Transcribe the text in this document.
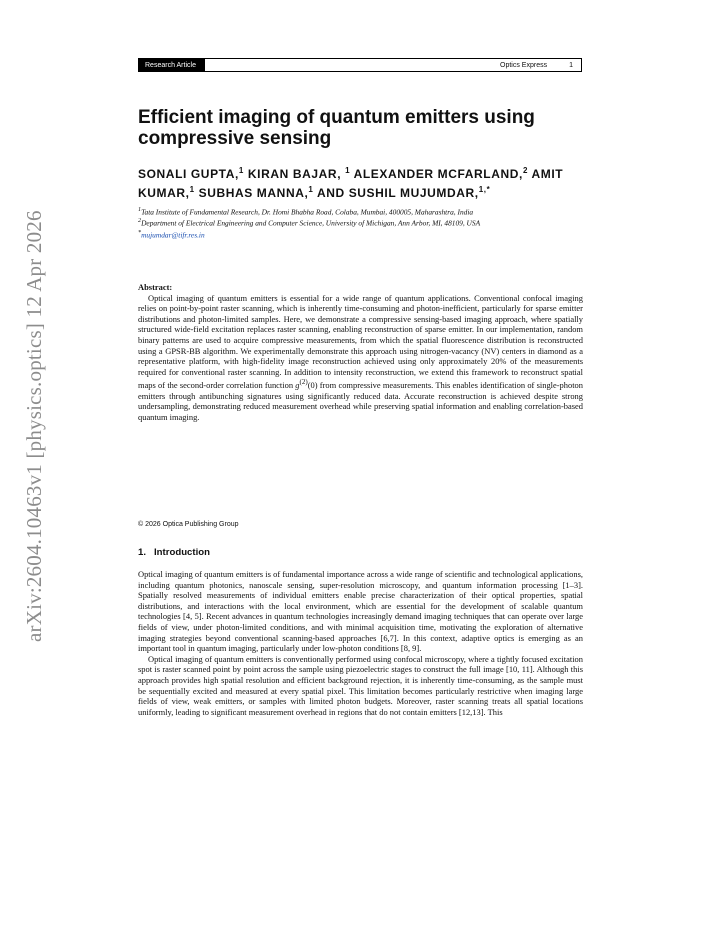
arXiv:2604.10463v1 [physics.optics] 12 Apr 2026
Research Article	Optics Express	1
Efficient imaging of quantum emitters using compressive sensing
SONALI GUPTA,$^1$ KIRAN BAJAR, $^1$ ALEXANDER MCFARLAND,$^2$ AMIT KUMAR,$^1$ SUBHAS MANNA,$^1$ AND SUSHIL MUJUMDAR,$^{1,*}$
$^1$Tata Institute of Fundamental Research, Dr. Homi Bhabha Road, Colaba, Mumbai, 400005, Maharashtra, India
$^2$Department of Electrical Engineering and Computer Science, University of Michigan, Ann Arbor, MI, 48109, USA
*mujumdar@tifr.res.in
Abstract:
Optical imaging of quantum emitters is essential for a wide range of quantum applications. Conventional confocal imaging relies on point-by-point raster scanning, which is inherently time-consuming and photon-inefficient, particularly for sparse emitter distributions and photon-limited samples. Here, we demonstrate a compressive sensing-based imaging approach, where spatially structured wide-field excitation replaces raster scanning, enabling reconstruction of sparse emitter. In our implementation, random binary patterns are used to acquire compressive measurements, from which the spatial fluorescence distribution is reconstructed using a GPSR-BB algorithm. We experimentally demonstrate this approach using nitrogen-vacancy (NV) centers in diamond as a representative platform, with high-fidelity image reconstruction achieved using only approximately 20% of the measurements required for conventional raster scanning. In addition to intensity reconstruction, we extend this framework to reconstruct spatial maps of the second-order correlation function $g^{(2)}(0)$ from compressive measurements. This enables identification of single-photon emitters through antibunching signatures using significantly reduced data. Accurate reconstruction is achieved despite strong undersampling, demonstrating reduced measurement overhead while preserving spatial information and enabling correlation-based quantum imaging.
© 2026 Optica Publishing Group
1. Introduction

Optical imaging of quantum emitters is of fundamental importance across a wide range of scientific and technological applications, including quantum photonics, nanoscale sensing, super-resolution microscopy, and quantum information processing [1–3]. Spatially resolved measurements of individual emitters enable precise characterization of their optical properties, spatial distributions, and interactions with the local environment, which are essential for the development of scalable quantum technologies [4, 5]. Recent advances in quantum technologies increasingly demand imaging techniques that can operate over large fields of view, under photon-limited conditions, and with minimal acquisition time, motivating the exploration of alternative imaging strategies beyond conventional scanning-based approaches [6,7]. In this context, adaptive optics is emerging as an important tool in quantum imaging, particularly under low-photon conditions [8, 9].

Optical imaging of quantum emitters is conventionally performed using confocal microscopy, where a tightly focused excitation spot is raster scanned point by point across the sample using piezoelectric stages to construct the full image [10, 11]. Although this approach provides high spatial resolution and efficient background rejection, it is inherently time-consuming, as the sample must be sequentially excited and measured at every spatial pixel. This limitation becomes particularly restrictive when imaging large fields of view, weak emitters, or samples with limited photon budgets. Moreover, raster scanning treats all spatial locations uniformly, leading to significant measurement overhead in regions that do not contain emitters [12,13]. This
